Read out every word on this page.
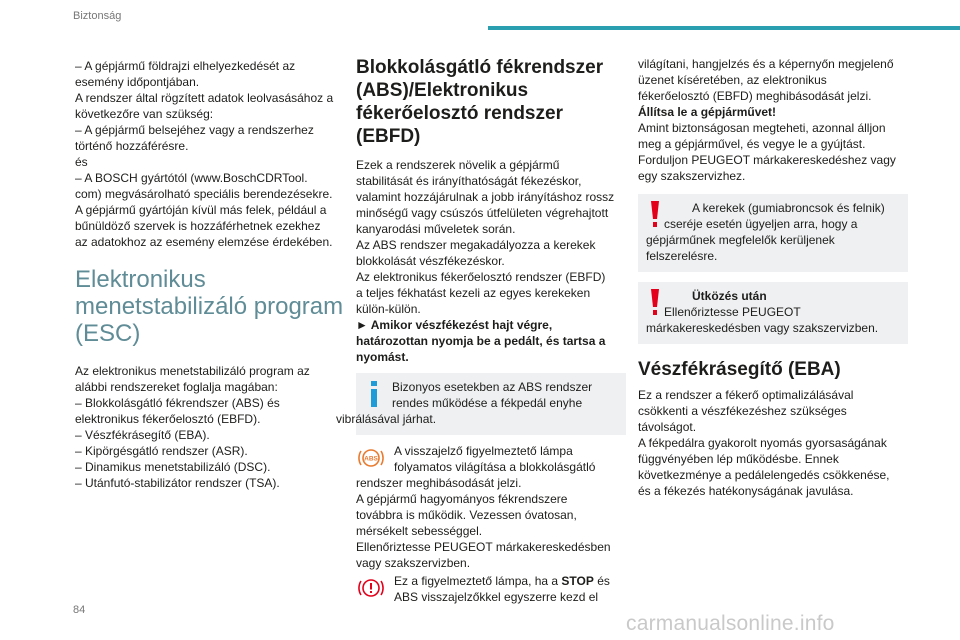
Biztonság

– A gépjármű földrajzi elhelyezkedését az
esemény időpontjában.
A rendszer által rögzített adatok leolvasásához a
következőre van szükség:
– A gépjármű belsejéhez vagy a rendszerhez
történő hozzáférésre.
és
– A BOSCH gyártótól (www.BoschCDRTool.
com) megvásárolható speciális berendezésekre.
A gépjármű gyártóján kívül más felek, például a
bűnüldöző szervek is hozzáférhetnek ezekhez
az adatokhoz az esemény elemzése érdekében.

Elektronikus menetstabilizáló program (ESC)

Az elektronikus menetstabilizáló program az
alábbi rendszereket foglalja magában:
– Blokkolásgátló fékrendszer (ABS) és
elektronikus fékerőelosztó (EBFD).
– Vészfékrásegítő (EBA).
– Kipörgésgátló rendszer (ASR).
– Dinamikus menetstabilizáló (DSC).
– Utánfutó-stabilizátor rendszer (TSA).

Blokkolásgátló fékrendszer (ABS)/Elektronikus fékerőelosztó rendszer (EBFD)

Ezek a rendszerek növelik a gépjármű
stabilitását és irányíthatóságát fékezéskor,
valamint hozzájárulnak a jobb irányításhoz rossz
minőségű vagy csúszós útfelületen végrehajtott
kanyarodási műveletek során.
Az ABS rendszer megakadályozza a kerekek
blokkolását vészfékezéskor.
Az elektronikus fékerőelosztó rendszer (EBFD)
a teljes fékhatást kezeli az egyes kerekeken
külön-külön.

► Amikor vészfékezést hajt végre,
határozottan nyomja be a pedált, és tartsa a
nyomást.

Bizonyos esetekben az ABS rendszer
rendes működése a fékpedál enyhe
vibrálásával járhat.

ABS

A visszajelző figyelmeztető lámpa
folyamatos világítása a blokkolásgátló

rendszer meghibásodását jelzi.
A gépjármű hagyományos fékrendszere
továbbra is működik. Vezessen óvatosan,
mérsékelt sebességgel.
Ellenőriztesse PEUGEOT márkakereskedésben
vagy szakszervizben.

Ez a figyelmeztető lámpa, ha a STOP és
ABS visszajelzőkkel egyszerre kezd el

világítani, hangjelzés és a képernyőn megjelenő
üzenet kíséretében, az elektronikus
fékerőelosztó (EBFD) meghibásodását jelzi.
Állítsa le a gépjárművet!
Amint biztonságosan megteheti, azonnal álljon
meg a gépjárművel, és vegye le a gyújtást.
Forduljon PEUGEOT márkakereskedéshez vagy
egy szakszervizhez.

A kerekek (gumiabroncsok és felnik)
cseréje esetén ügyeljen arra, hogy a
gépjárműnek megfelelők kerüljenek
felszerelésre.

Ütközés után
Ellenőriztesse PEUGEOT
márkakereskedésben vagy szakszervizben.

Vészfékrásegítő (EBA)

Ez a rendszer a fékerő optimalizálásával
csökkenti a vészfékezéshez szükséges
távolságot.
A fékpedálra gyakorolt nyomás gyorsaságának
függvényében lép működésbe. Ennek
következménye a pedálelengedés csökkenése,
és a fékezés hatékonyságának javulása.

84
carmanualsonline.info
